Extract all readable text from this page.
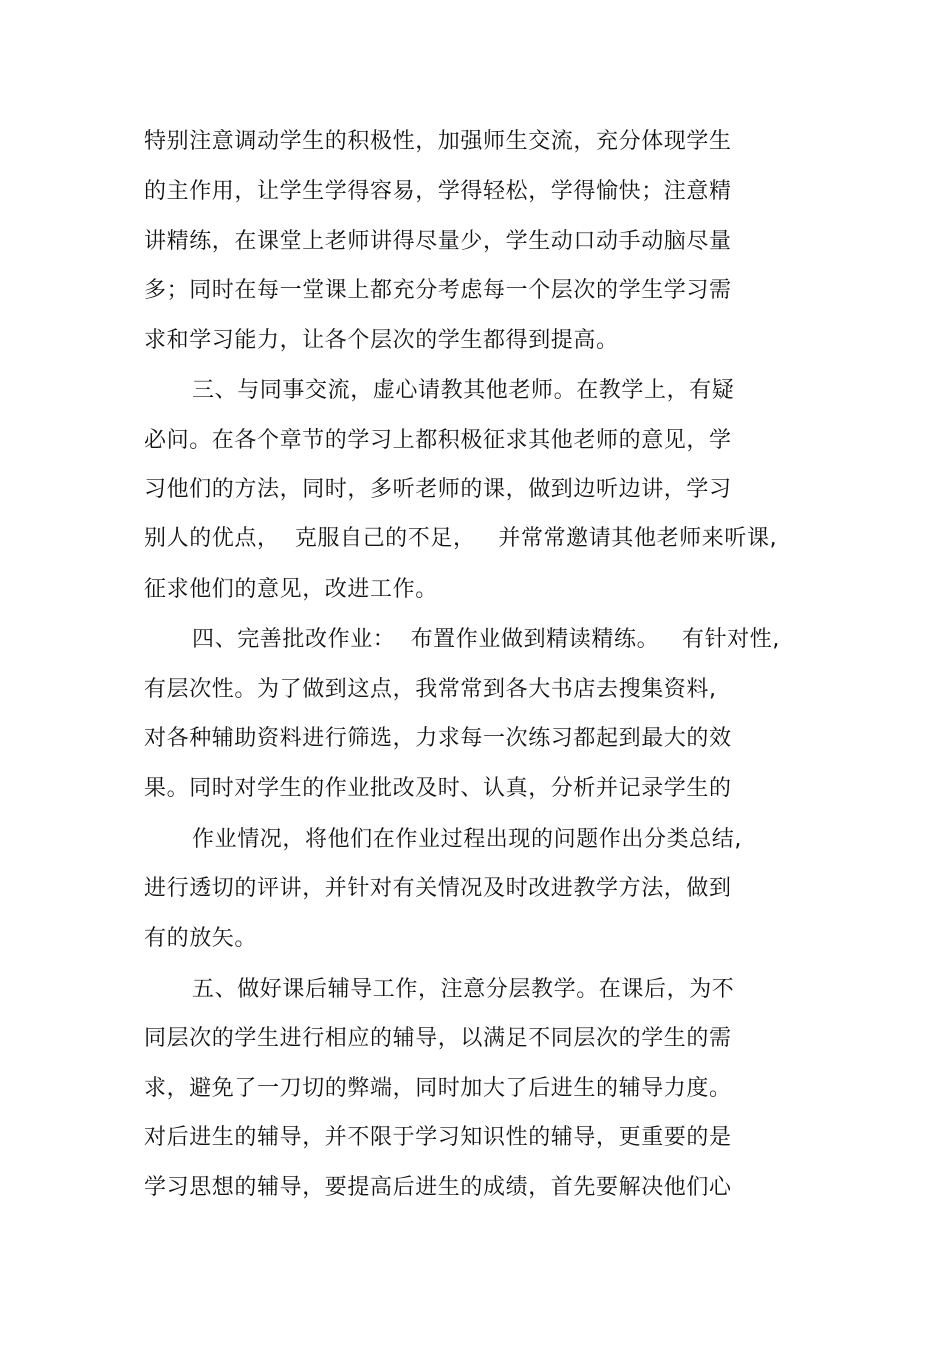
特别注意调动学生的积极性，加强师生交流，充分体现学生
的主作用，让学生学得容易，学得轻松，学得愉快；注意精
讲精练，在课堂上老师讲得尽量少，学生动口动手动脑尽量
多；同时在每一堂课上都充分考虑每一个层次的学生学习需
求和学习能力，让各个层次的学生都得到提高。
三、与同事交流，虚心请教其他老师。在教学上，有疑
必问。在各个章节的学习上都积极征求其他老师的意见，学
习他们的方法，同时，多听老师的课，做到边听边讲，学习
别人的优点，  克服自己的不足，   并常常邀请其他老师来听课,
征求他们的意见，改进工作。
四、完善批改作业：  布置作业做到精读精练。   有针对性,
有层次性。为了做到这点，我常常到各大书店去搜集资料,
对各种辅助资料进行筛选，力求每一次练习都起到最大的效
果。同时对学生的作业批改及时、认真，分析并记录学生的
作业情况，将他们在作业过程出现的问题作出分类总结,
进行透切的评讲，并针对有关情况及时改进教学方法，做到
有的放矢。
五、做好课后辅导工作，注意分层教学。在课后，为不
同层次的学生进行相应的辅导，以满足不同层次的学生的需
求，避免了一刀切的弊端，同时加大了后进生的辅导力度。
对后进生的辅导，并不限于学习知识性的辅导，更重要的是
学习思想的辅导，要提高后进生的成绩，首先要解决他们心
